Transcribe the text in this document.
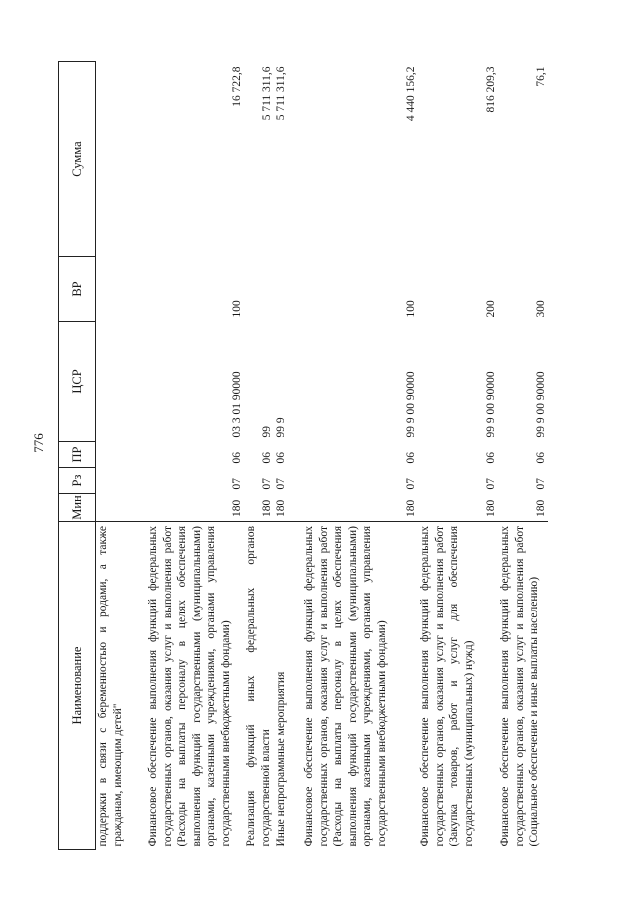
776
Наименование	Мин	Рз	ПР	ЦСР	ВР	Сумма
поддержки в связи с беременностью и родами, а также гражданам, имеющим детей"						
Финансовое обеспечение выполнения функций федеральных государственных органов, оказания услуг и выполнения работ (Расходы на выплаты персоналу в целях обеспечения выполнения функций государственными (муниципальными) органами, казенными учреждениями, органами управления государственными внебюджетными фондами)	180	07	06	03 3 01 90000	100	16 722,8
Реализация функций иных федеральных органов государственной власти	180	07	06	99		5 711 311,6
Иные непрограммные мероприятия	180	07	06	99 9		5 711 311,6
Финансовое обеспечение выполнения функций федеральных государственных органов, оказания услуг и выполнения работ (Расходы на выплаты персоналу в целях обеспечения выполнения функций государственными (муниципальными) органами, казенными учреждениями, органами управления государственными внебюджетными фондами)	180	07	06	99 9 00 90000	100	4 440 156,2
Финансовое обеспечение выполнения функций федеральных государственных органов, оказания услуг и выполнения работ (Закупка товаров, работ и услуг для обеспечения государственных (муниципальных) нужд)	180	07	06	99 9 00 90000	200	816 209,3
Финансовое обеспечение выполнения функций федеральных государственных органов, оказания услуг и выполнения работ (Социальное обеспечение и иные выплаты населению)	180	07	06	99 9 00 90000	300	76,1
